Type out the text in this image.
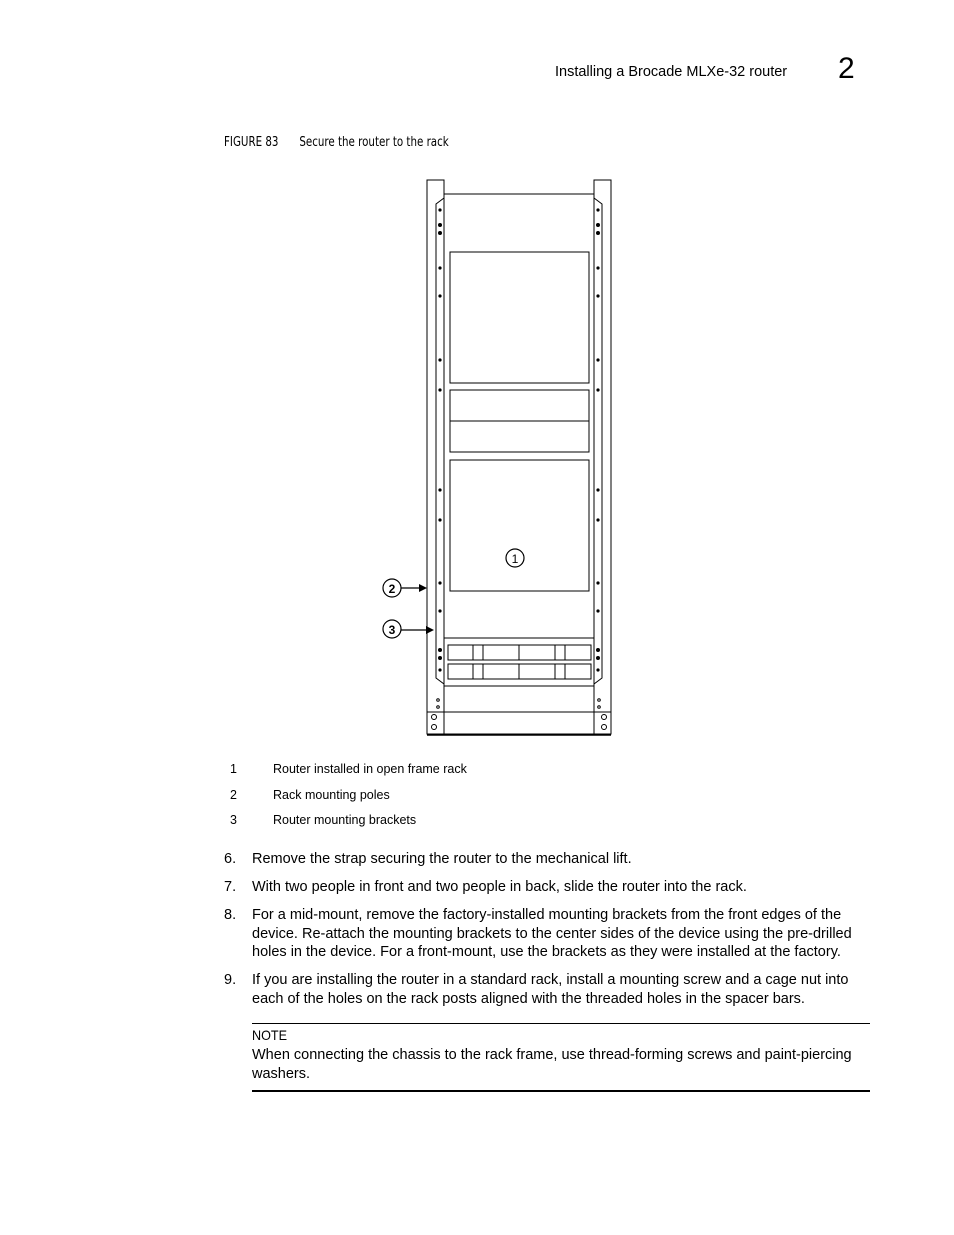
Installing a Brocade MLXe-32 router 2
FIGURE 83 Secure the router to the rack
1
2
3
1	Router installed in open frame rack
2	Rack mounting poles
3	Router mounting brackets
6. Remove the strap securing the router to the mechanical lift.
7. With two people in front and two people in back, slide the router into the rack.
8. For a mid-mount, remove the factory-installed mounting brackets from the front edges of the device. Re-attach the mounting brackets to the center sides of the device using the pre-drilled holes in the device. For a front-mount, use the brackets as they were installed at the factory.
9. If you are installing the router in a standard rack, install a mounting screw and a cage nut into each of the holes on the rack posts aligned with the threaded holes in the spacer bars.
NOTE
When connecting the chassis to the rack frame, use thread-forming screws and paint-piercing washers.
